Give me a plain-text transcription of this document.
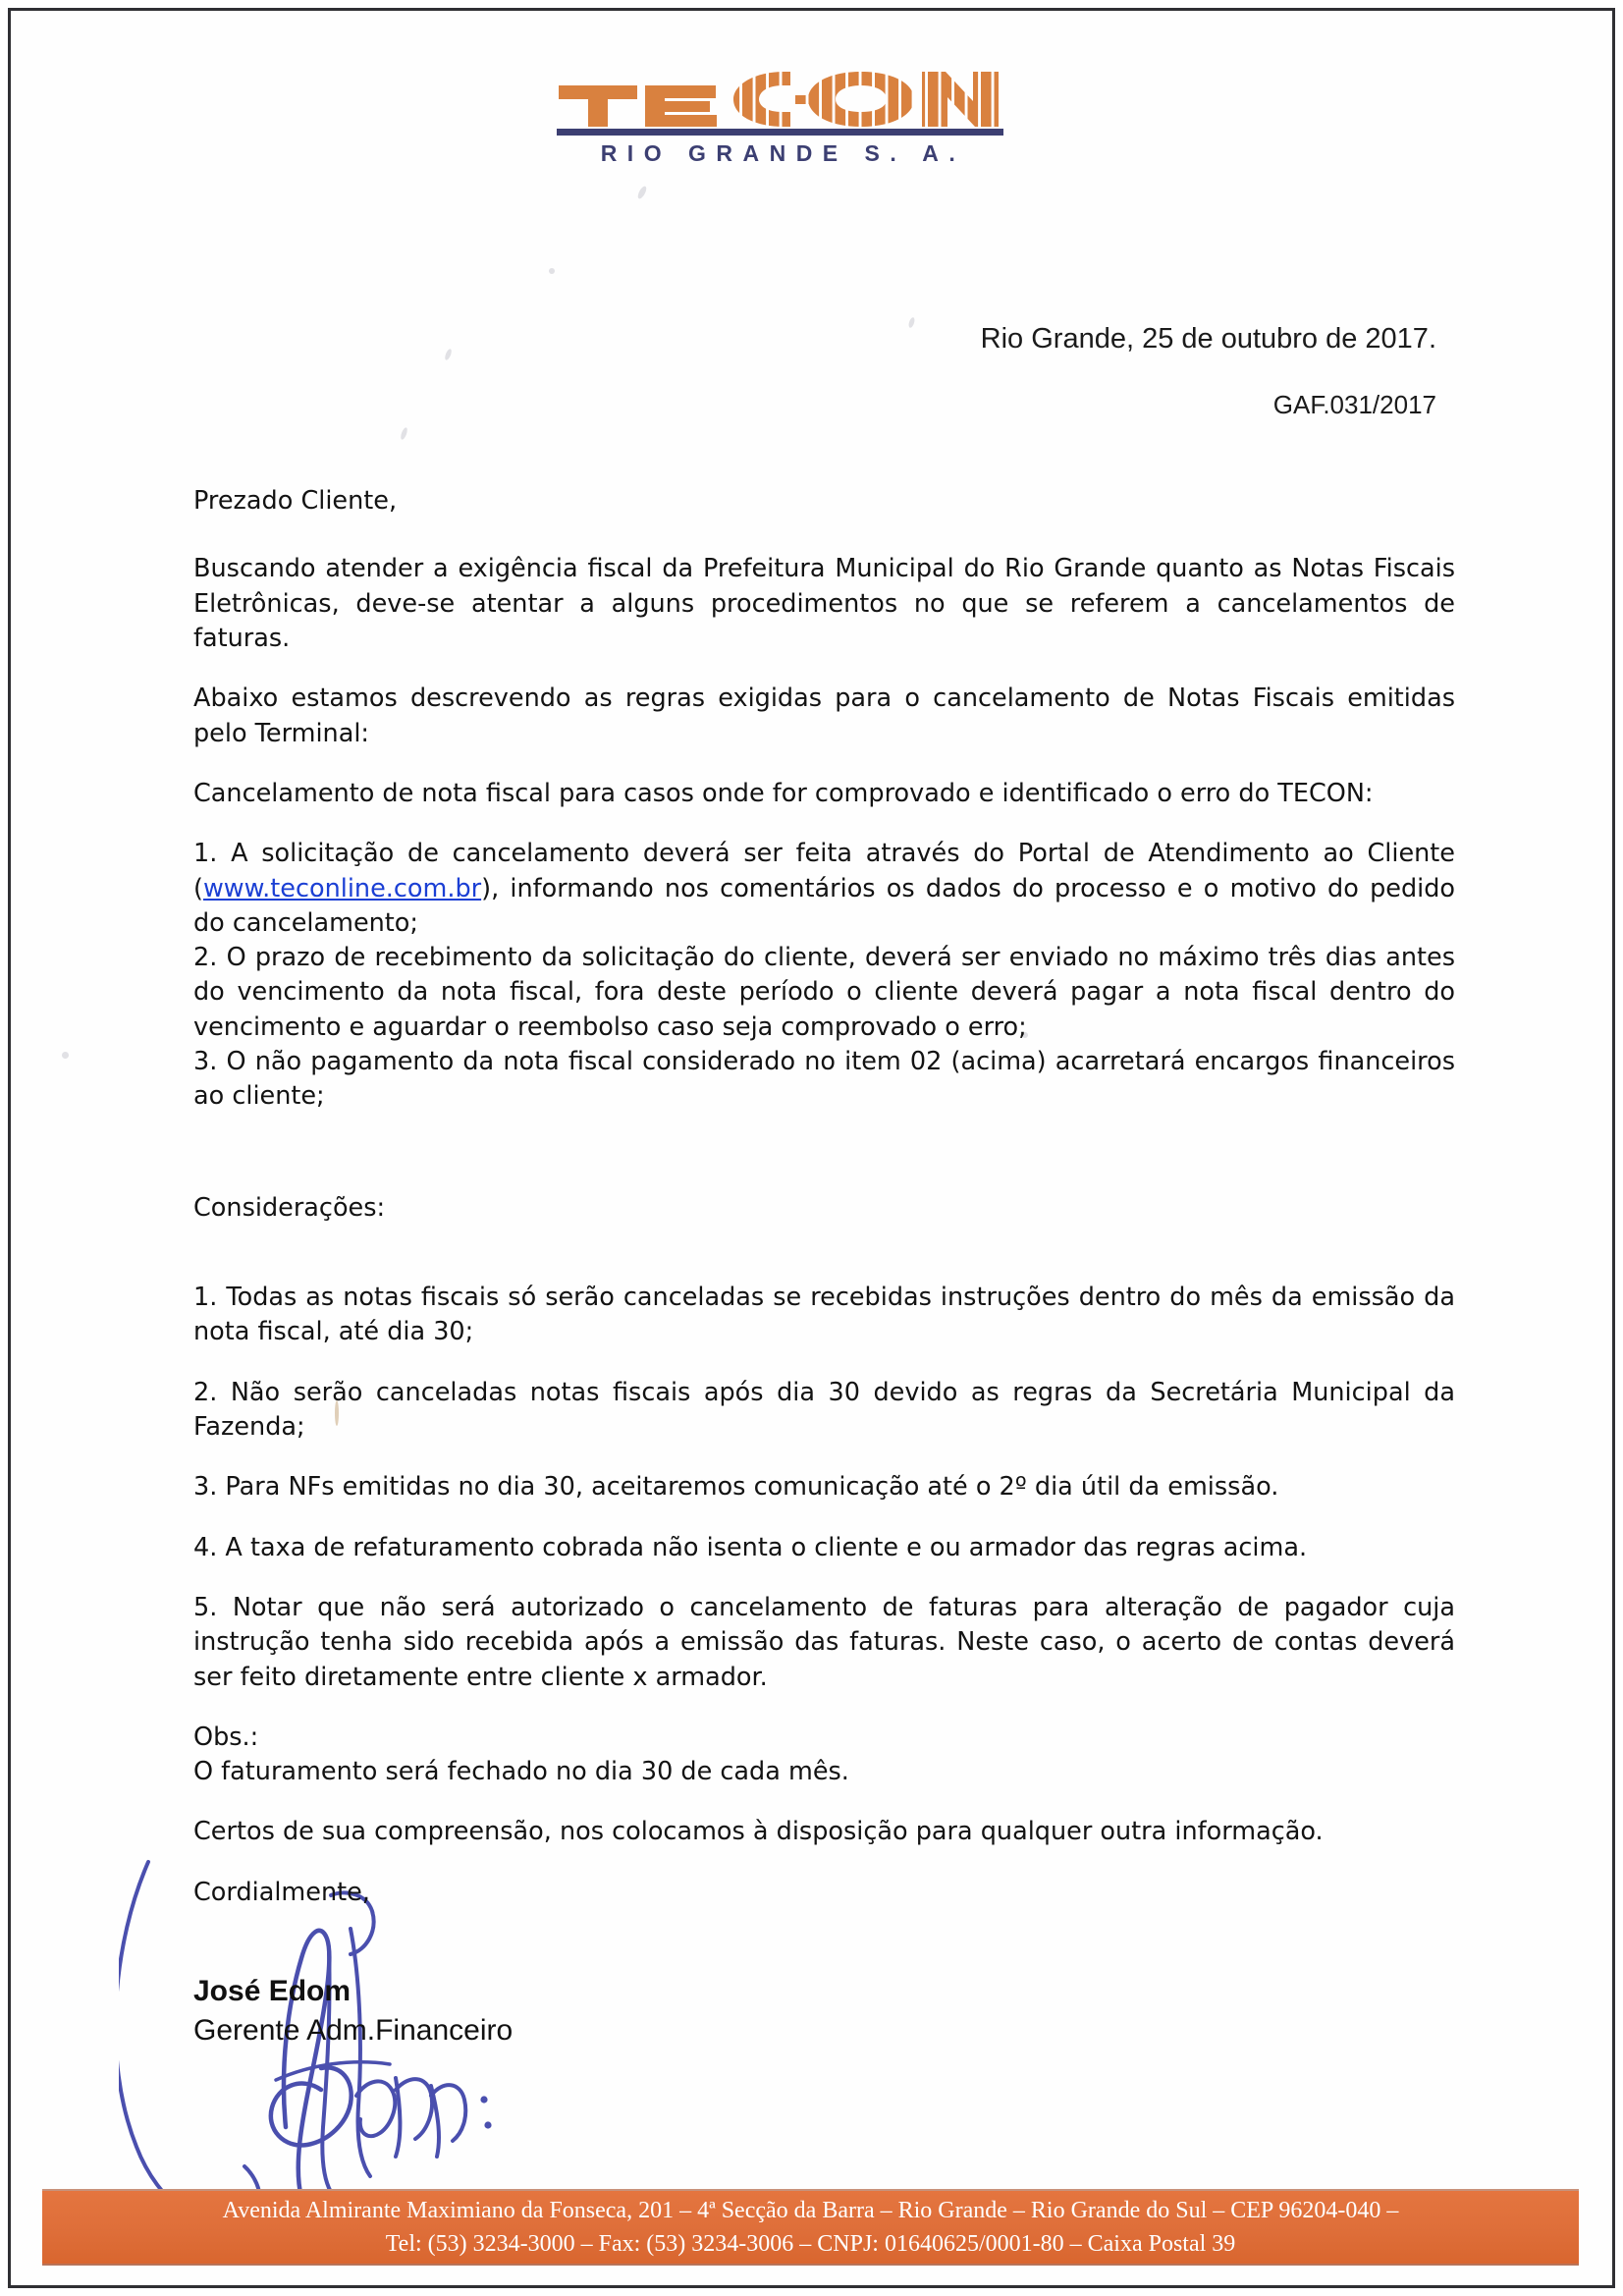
RIO GRANDE S. A.
Rio Grande, 25 de outubro de 2017.
GAF.031/2017

Prezado Cliente,

Buscando atender a exigência fiscal da Prefeitura Municipal do Rio Grande quanto as Notas Fiscais Eletrônicas, deve-se atentar a alguns procedimentos no que se referem a cancelamentos de faturas.

Abaixo estamos descrevendo as regras exigidas para o cancelamento de Notas Fiscais emitidas pelo Terminal:

Cancelamento de nota fiscal para casos onde for comprovado e identificado o erro do TECON:

1. A solicitação de cancelamento deverá ser feita através do Portal de Atendimento ao Cliente (www.teconline.com.br), informando nos comentários os dados do processo e o motivo do pedido do cancelamento;

2. O prazo de recebimento da solicitação do cliente, deverá ser enviado no máximo três dias antes do vencimento da nota fiscal, fora deste período o cliente deverá pagar a nota fiscal dentro do vencimento e aguardar o reembolso caso seja comprovado o erro;

3. O não pagamento da nota fiscal considerado no item 02 (acima) acarretará encargos financeiros ao cliente;

Considerações:

1. Todas as notas fiscais só serão canceladas se recebidas instruções dentro do mês da emissão da nota fiscal, até dia 30;

2. Não serão canceladas notas fiscais após dia 30 devido as regras da Secretária Municipal da Fazenda;

3. Para NFs emitidas no dia 30, aceitaremos comunicação até o 2º dia útil da emissão.

4. A taxa de refaturamento cobrada não isenta o cliente e ou armador das regras acima.

5. Notar que não será autorizado o cancelamento de faturas para alteração de pagador cuja instrução tenha sido recebida após a emissão das faturas. Neste caso, o acerto de contas deverá ser feito diretamente entre cliente x armador.

Obs.:

O faturamento será fechado no dia 30 de cada mês.

Certos de sua compreensão, nos colocamos à disposição para qualquer outra informação.

Cordialmente,

José Edom
Gerente Adm.Financeiro
Avenida Almirante Maximiano da Fonseca, 201 – 4ª Secção da Barra – Rio Grande – Rio Grande do Sul – CEP 96204-040 –
Tel: (53) 3234-3000 – Fax: (53) 3234-3006 – CNPJ: 01640625/0001-80 – Caixa Postal 39
